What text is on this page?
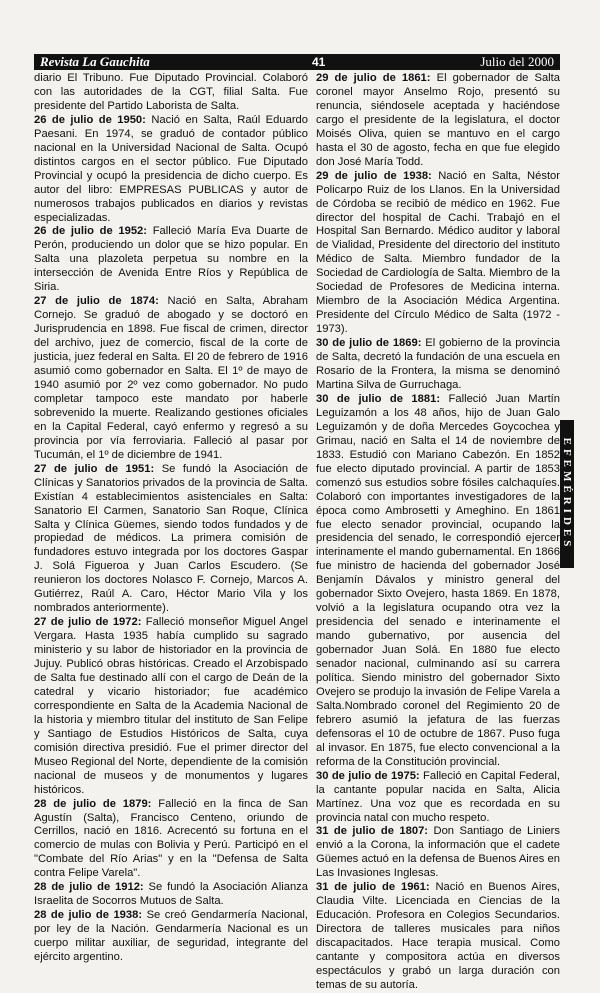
Revista La Gauchita	41	Julio del 2000

diario El Tribuno. Fue Diputado Provincial. Colaboró con las autoridades de la CGT, filial Salta. Fue presidente del Partido Laborista de Salta.

26 de julio de 1950: Nació en Salta, Raúl Eduardo Paesani. En 1974, se graduó de contador público nacional en la Universidad Nacional de Salta. Ocupó distintos cargos en el sector público. Fue Diputado Provincial y ocupó la presidencia de dicho cuerpo. Es autor del libro: EMPRESAS PUBLICAS y autor de numerosos trabajos publicados en diarios y revistas especializadas.

26 de julio de 1952: Falleció María Eva Duarte de Perón, produciendo un dolor que se hizo popular. En Salta una plazoleta perpetua su nombre en la intersección de Avenida Entre Ríos y República de Siria.

27 de julio de 1874: Nació en Salta, Abraham Cornejo. Se graduó de abogado y se doctoró en Jurisprudencia en 1898. Fue fiscal de crimen, director del archivo, juez de comercio, fiscal de la corte de justicia, juez federal en Salta. El 20 de febrero de 1916 asumió como gobernador en Salta. El 1º de mayo de 1940 asumió por 2º vez como gobernador. No pudo completar tampoco este mandato por haberle sobrevenido la muerte. Realizando gestiones oficiales en la Capital Federal, cayó enfermo y regresó a su provincia por vía ferroviaria. Falleció al pasar por Tucumán, el 1º de diciembre de 1941.

27 de julio de 1951: Se fundó la Asociación de Clínicas y Sanatorios privados de la provincia de Salta. Existían 4 establecimientos asistenciales en Salta: Sanatorio El Carmen, Sanatorio San Roque, Clínica Salta y Clínica Güemes, siendo todos fundados y de propiedad de médicos. La primera comisión de fundadores estuvo integrada por los doctores Gaspar J. Solá Figueroa y Juan Carlos Escudero. (Se reunieron los doctores Nolasco F. Cornejo, Marcos A. Gutiérrez, Raúl A. Caro, Héctor Mario Vila y los nombrados anteriormente).

27 de julio de 1972: Falleció monseñor Miguel Angel Vergara. Hasta 1935 había cumplido su sagrado ministerio y su labor de historiador en la provincia de Jujuy. Publicó obras históricas. Creado el Arzobispado de Salta fue destinado allí con el cargo de Deán de la catedral y vicario historiador; fue académico correspondiente en Salta de la Academia Nacional de la historia y miembro titular del instituto de San Felipe y Santiago de Estudios Históricos de Salta, cuya comisión directiva presidió. Fue el primer director del Museo Regional del Norte, dependiente de la comisión nacional de museos y de monumentos y lugares históricos.

28 de julio de 1879: Falleció en la finca de San Agustín (Salta), Francisco Centeno, oriundo de Cerrillos, nació en 1816. Acrecentó su fortuna en el comercio de mulas con Bolivia y Perú. Participó en el "Combate del Río Arias" y en la "Defensa de Salta contra Felipe Varela".

28 de julio de 1912: Se fundó la Asociación Alianza Israelita de Socorros Mutuos de Salta.

28 de julio de 1938: Se creó Gendarmería Nacional, por ley de la Nación. Gendarmería Nacional es un cuerpo militar auxiliar, de seguridad, integrante del ejército argentino.

29 de julio de 1861: El gobernador de Salta coronel mayor Anselmo Rojo, presentó su renuncia, siéndosele aceptada y haciéndose cargo el presidente de la legislatura, el doctor Moisés Oliva, quien se mantuvo en el cargo hasta el 30 de agosto, fecha en que fue elegido don José María Todd.

29 de julio de 1938: Nació en Salta, Néstor Policarpo Ruiz de los Llanos. En la Universidad de Córdoba se recibió de médico en 1962. Fue director del hospital de Cachi. Trabajó en el Hospital San Bernardo. Médico auditor y laboral de Vialidad, Presidente del directorio del instituto Médico de Salta. Miembro fundador de la Sociedad de Cardiología de Salta. Miembro de la Sociedad de Profesores de Medicina interna. Miembro de la Asociación Médica Argentina. Presidente del Círculo Médico de Salta (1972 - 1973).

30 de julio de 1869: El gobierno de la provincia de Salta, decretó la fundación de una escuela en Rosario de la Frontera, la misma se denominó Martina Silva de Gurruchaga.

30 de julio de 1881: Falleció Juan Martín Leguizamón a los 48 años, hijo de Juan Galo Leguizamón y de doña Mercedes Goycochea y Grimau, nació en Salta el 14 de noviembre de 1833. Estudió con Mariano Cabezón. En 1852 fue electo diputado provincial. A partir de 1853 comenzó sus estudios sobre fósiles calchaquíes. Colaboró con importantes investigadores de la época como Ambrosetti y Ameghino. En 1861 fue electo senador provincial, ocupando la presidencia del senado, le correspondió ejercer interinamente el mando gubernamental. En 1866 fue ministro de hacienda del gobernador José Benjamín Dávalos y ministro general del gobernador Sixto Ovejero, hasta 1869. En 1878, volvió a la legislatura ocupando otra vez la presidencia del senado e interinamente el mando gubernativo, por ausencia del gobernador Juan Solá. En 1880 fue electo senador nacional, culminando así su carrera política. Siendo ministro del gobernador Sixto Ovejero se produjo la invasión de Felipe Varela a Salta.Nombrado coronel del Regimiento 20 de febrero asumió la jefatura de las fuerzas defensoras el 10 de octubre de 1867. Puso fuga al invasor. En 1875, fue electo convencional a la reforma de la Constitución provincial.

30 de julio de 1975: Falleció en Capital Federal, la cantante popular nacida en Salta, Alicia Martínez. Una voz que es recordada en su provincia natal con mucho respeto.

31 de julio de 1807: Don Santiago de Liniers envió a la Corona, la información que el cadete Güemes actuó en la defensa de Buenos Aires en Las Invasiones Inglesas.

31 de julio de 1961: Nació en Buenos Aires, Claudia Vilte. Licenciada en Ciencias de la Educación. Profesora en Colegios Secundarios. Directora de talleres musicales para niños discapacitados. Hace terapia musical. Como cantante y compositora actúa en diversos espectáculos y grabó un larga duración con temas de su autoría.

EFEMÉRIDES
